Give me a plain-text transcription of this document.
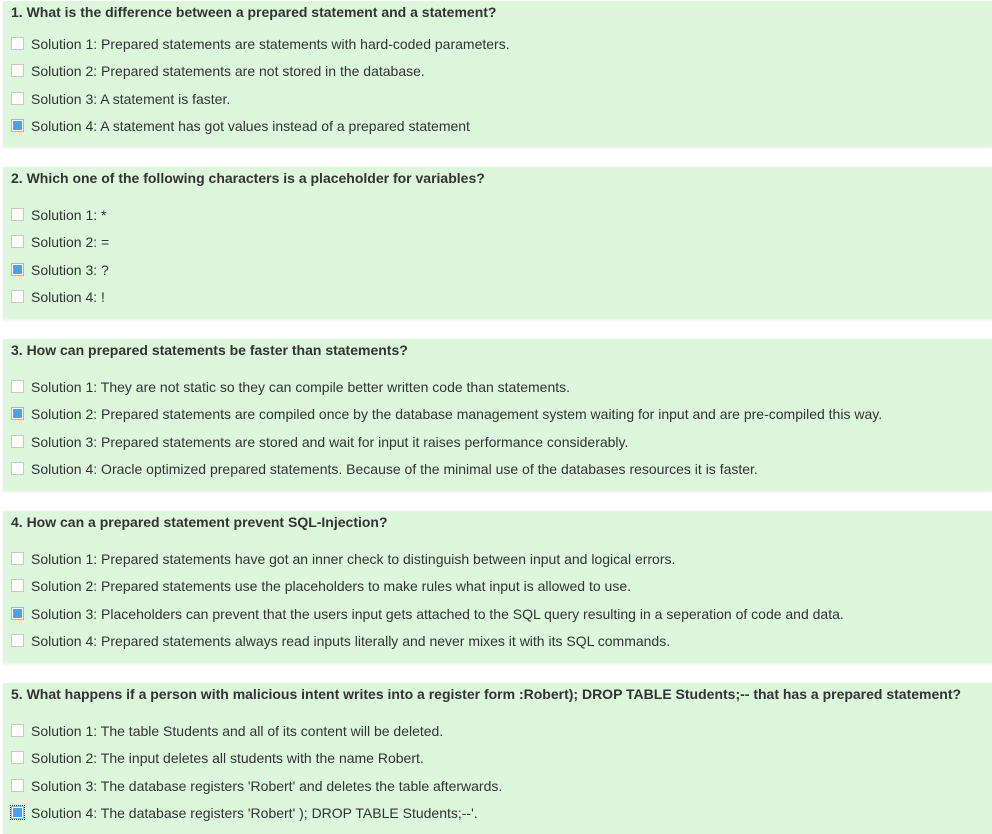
1. What is the difference between a prepared statement and a statement?
Solution 1: Prepared statements are statements with hard-coded parameters.
Solution 2: Prepared statements are not stored in the database.
Solution 3: A statement is faster.
Solution 4: A statement has got values instead of a prepared statement
2. Which one of the following characters is a placeholder for variables?
Solution 1: *
Solution 2: =
Solution 3: ?
Solution 4: !
3. How can prepared statements be faster than statements?
Solution 1: They are not static so they can compile better written code than statements.
Solution 2: Prepared statements are compiled once by the database management system waiting for input and are pre-compiled this way.
Solution 3: Prepared statements are stored and wait for input it raises performance considerably.
Solution 4: Oracle optimized prepared statements. Because of the minimal use of the databases resources it is faster.
4. How can a prepared statement prevent SQL-Injection?
Solution 1: Prepared statements have got an inner check to distinguish between input and logical errors.
Solution 2: Prepared statements use the placeholders to make rules what input is allowed to use.
Solution 3: Placeholders can prevent that the users input gets attached to the SQL query resulting in a seperation of code and data.
Solution 4: Prepared statements always read inputs literally and never mixes it with its SQL commands.
5. What happens if a person with malicious intent writes into a register form :Robert); DROP TABLE Students;-- that has a prepared statement?
Solution 1: The table Students and all of its content will be deleted.
Solution 2: The input deletes all students with the name Robert.
Solution 3: The database registers 'Robert' and deletes the table afterwards.
Solution 4: The database registers 'Robert' ); DROP TABLE Students;--'.
